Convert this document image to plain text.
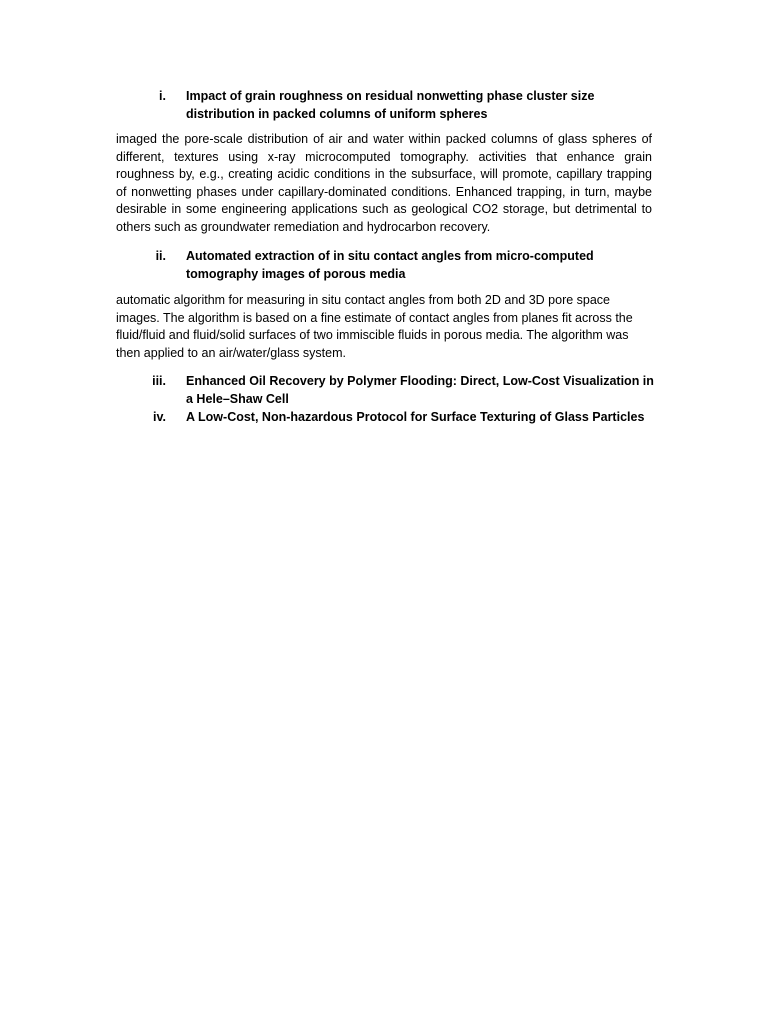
i. Impact of grain roughness on residual nonwetting phase cluster size distribution in packed columns of uniform spheres

imaged the pore-scale distribution of air and water within packed columns of glass spheres of different, textures using x-ray microcomputed tomography. activities that enhance grain roughness by, e.g., creating acidic conditions in the subsurface, will promote, capillary trapping of nonwetting phases under capillary-dominated conditions. Enhanced trapping, in turn, maybe desirable in some engineering applications such as geological CO2 storage, but detrimental to others such as groundwater remediation and hydrocarbon recovery.

ii. Automated extraction of in situ contact angles from micro-computed tomography images of porous media

automatic algorithm for measuring in situ contact angles from both 2D and 3D pore space images. The algorithm is based on a fine estimate of contact angles from planes fit across the fluid/fluid and fluid/solid surfaces of two immiscible fluids in porous media. The algorithm was then applied to an air/water/glass system.

iii. Enhanced Oil Recovery by Polymer Flooding: Direct, Low-Cost Visualization in a Hele–Shaw Cell
iv. A Low-Cost, Non-hazardous Protocol for Surface Texturing of Glass Particles
